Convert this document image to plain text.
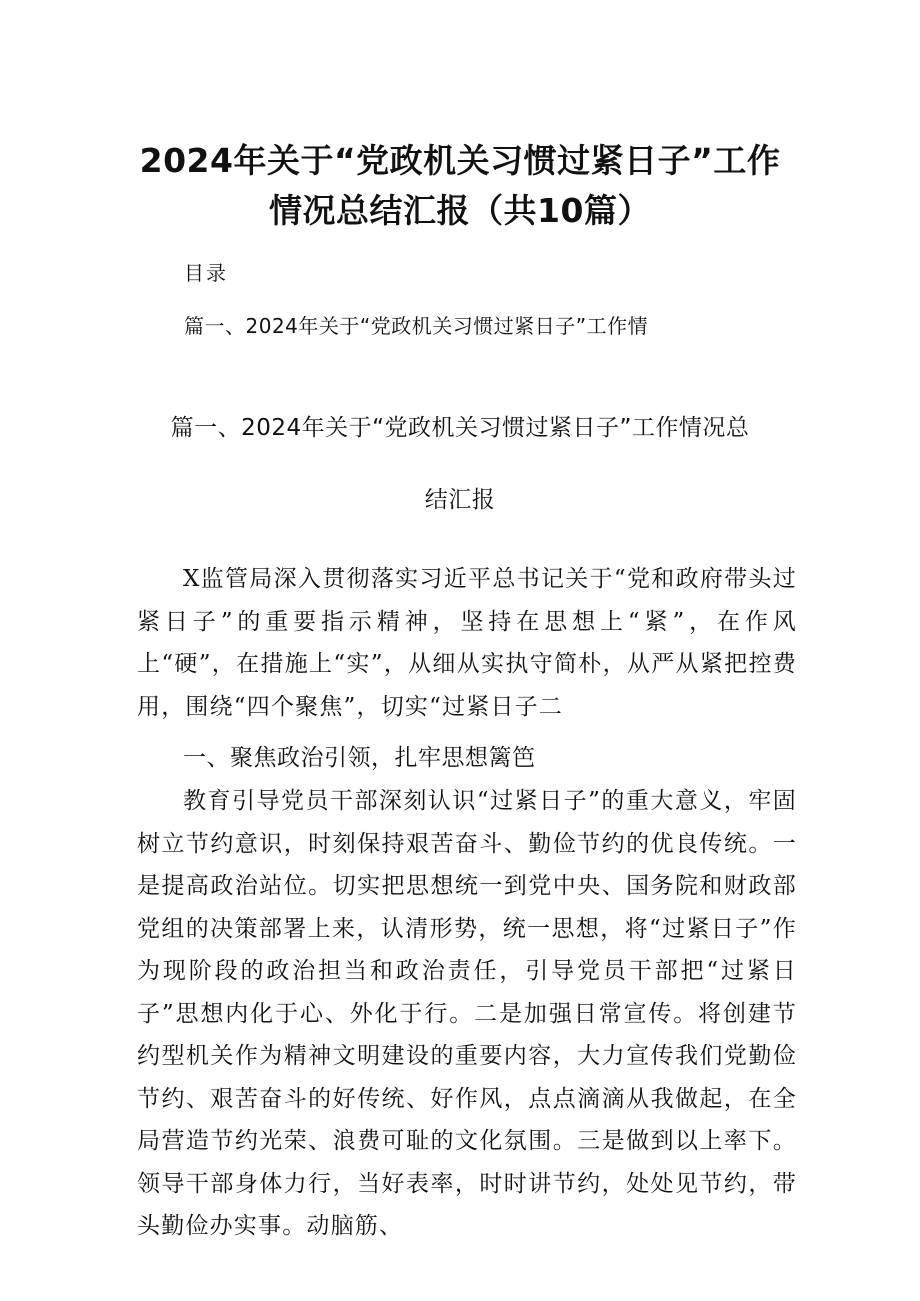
2024年关于“党政机关习惯过紧日子”工作
情况总结汇报（共10篇）
目录
篇一、2024年关于“党政机关习惯过紧日子”工作情
篇一、2024年关于“党政机关习惯过紧日子”工作情况总
结汇报

X监管局深入贯彻落实习近平总书记关于“党和政府带头过紧日子”的重要指示精神，坚持在思想上“紧”，在作风上“硬”，在措施上“实”，从细从实执守简朴，从严从紧把控费用，围绕“四个聚焦”，切实“过紧日子二

一、聚焦政治引领，扎牢思想篱笆

教育引导党员干部深刻认识“过紧日子”的重大意义，牢固树立节约意识，时刻保持艰苦奋斗、勤俭节约的优良传统。一是提高政治站位。切实把思想统一到党中央、国务院和财政部党组的决策部署上来，认清形势，统一思想，将“过紧日子”作为现阶段的政治担当和政治责任，引导党员干部把“过紧日子”思想内化于心、外化于行。二是加强日常宣传。将创建节约型机关作为精神文明建设的重要内容，大力宣传我们党勤俭节约、艰苦奋斗的好传统、好作风，点点滴滴从我做起，在全局营造节约光荣、浪费可耻的文化氛围。三是做到以上率下。领导干部身体力行，当好表率，时时讲节约，处处见节约，带头勤俭办实事。动脑筋、
